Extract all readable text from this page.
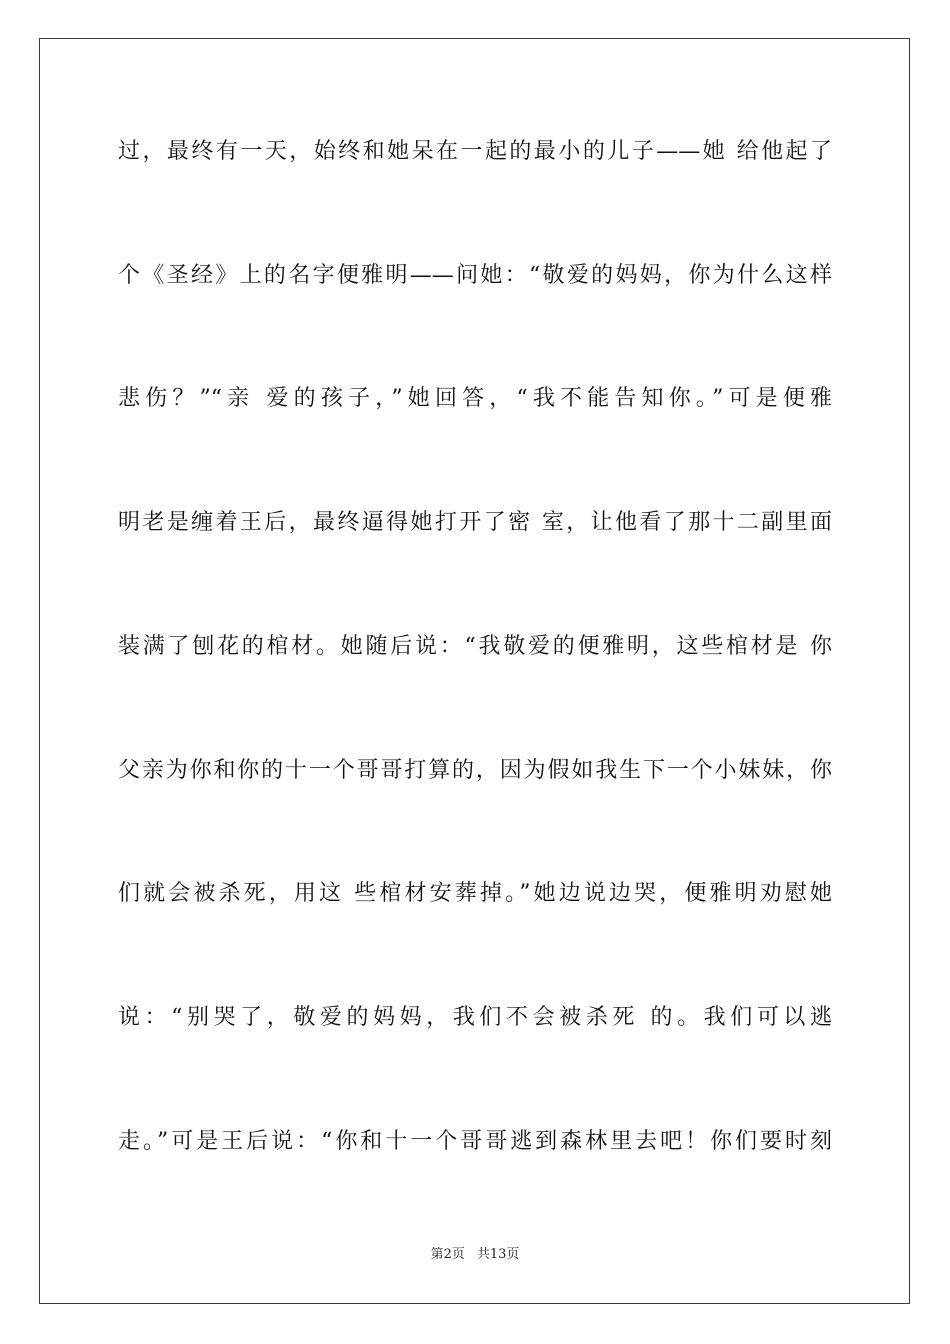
过，最终有一天，始终和她呆在一起的最小的儿子——她 给他起了

个《圣经》上的名字便雅明——问她：“敬爱的妈妈，你为什么这样

悲伤？”“亲 爱的孩子，”她回答，“我不能告知你。”可是便雅

明老是缠着王后，最终逼得她打开了密 室，让他看了那十二副里面

装满了刨花的棺材。她随后说：“我敬爱的便雅明，这些棺材是 你

父亲为你和你的十一个哥哥打算的，因为假如我生下一个小妹妹，你

们就会被杀死，用这 些棺材安葬掉。”她边说边哭，便雅明劝慰她

说：“别哭了，敬爱的妈妈，我们不会被杀死 的。我们可以逃

走。”可是王后说：“你和十一个哥哥逃到森林里去吧！你们要时刻

第2页 共13页
